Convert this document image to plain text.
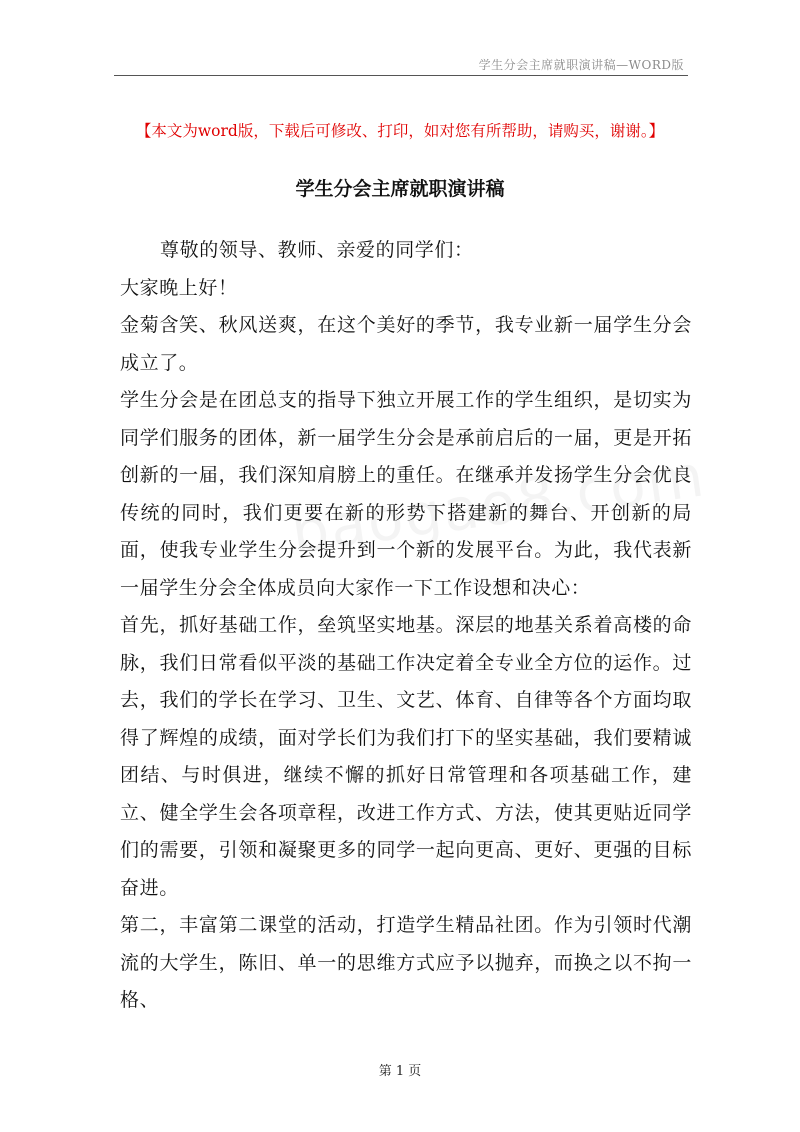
学生分会主席就职演讲稿—WORD版
【本文为word版，下载后可修改、打印，如对您有所帮助，请购买，谢谢。】
学生分会主席就职演讲稿

尊敬的领导、教师、亲爱的同学们：

大家晚上好！

金菊含笑、秋风送爽，在这个美好的季节，我专业新一届学生分会成立了。

学生分会是在团总支的指导下独立开展工作的学生组织，是切实为同学们服务的团体，新一届学生分会是承前启后的一届，更是开拓创新的一届，我们深知肩膀上的重任。在继承并发扬学生分会优良传统的同时，我们更要在新的形势下搭建新的舞台、开创新的局面，使我专业学生分会提升到一个新的发展平台。为此，我代表新一届学生分会全体成员向大家作一下工作设想和决心：

首先，抓好基础工作，垒筑坚实地基。深层的地基关系着高楼的命脉，我们日常看似平淡的基础工作决定着全专业全方位的运作。过去，我们的学长在学习、卫生、文艺、体育、自律等各个方面均取得了辉煌的成绩，面对学长们为我们打下的坚实基础，我们要精诚团结、与时俱进，继续不懈的抓好日常管理和各项基础工作，建立、健全学生会各项章程，改进工作方式、方法，使其更贴近同学们的需要，引领和凝聚更多的同学一起向更高、更好、更强的目标奋进。

第二，丰富第二课堂的活动，打造学生精品社团。作为引领时代潮流的大学生，陈旧、单一的思维方式应予以抛弃，而换之以不拘一格、

第 1 页
